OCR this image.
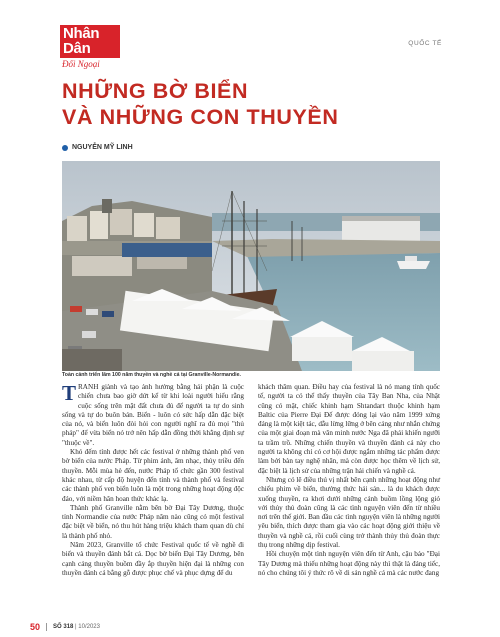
Nhân Dân
Đối Ngoại
QUỐC TẾ
NHỮNG BỜ BIỂN
VÀ NHỮNG CON THUYỀN
NGUYỄN MỸ LINH
Toàn cảnh triển lãm 100 năm thuyền và nghề cá tại Granville-Normandie.

TRANH giành và tạo ảnh hưởng bằng hải phận là cuộc chiến chưa bao giờ dứt kể từ khi loài người hiểu rằng cuộc sống trên mặt đất chưa đủ để người ta tự do sinh sống và tự do buôn bán. Biển - luôn có sức hấp dẫn đặc biệt của nó, và biển luôn đòi hỏi con người nghĩ ra đủ mọi "thủ pháp" để vừa biển nó trở nên hấp dẫn đồng thời khẳng định sự "thuộc về".

Khó đếm tính được hết các festival ở những thành phố ven bờ biển của nước Pháp. Từ phim ảnh, âm nhạc, thủy triều đến thuyền. Mỗi mùa hè đến, nước Pháp tổ chức gần 300 festival khác nhau, từ cấp độ huyện đến tỉnh và thành phố và festival các thành phố ven biển luôn là một trong những hoạt động độc đáo, với niềm hân hoan thức khác lạ.

Thành phố Granville nằm bên bờ Đại Tây Dương, thuộc tỉnh Normandie của nước Pháp năm nào cũng có một festival đặc biệt về biển, nó thu hút hàng triệu khách tham quan dù chỉ là thành phố nhỏ.

Năm 2023, Granville tổ chức Festival quốc tế về nghề đi biển và thuyền đánh bắt cá. Dọc bờ biển Đại Tây Dương, bên cạnh cảng thuyền buồm đầy ắp thuyền hiện đại là những con thuyền đánh cá bằng gỗ được phục chế và phục dựng để du

khách thăm quan. Điều hay của festival là nó mang tính quốc tế, người ta có thể thấy thuyền của Tây Ban Nha, của Nhật cũng có mặt, chiếc khinh hạm Shtandart thuộc khinh hạm Baltic của Pierre Đại Đế được đóng lại vào năm 1999 xứng đáng là một kiệt tác, dẫu lừng lững ở bên cảng như nhắn chứng của một giai đoạn mà văn minh nước Nga đã phải khiến ngưỡi ta trầm trồ. Những chiến thuyền và thuyền đánh cá này cho người ta không chỉ có cơ hội được ngắm những tác phẩm được làm bởi bàn tay nghệ nhân, mà còn được học thêm về lịch sử, đặc biệt là lịch sử của những trận hải chiến và nghề cá.

Nhưng có lẽ điều thú vị nhất bên cạnh những hoạt động như chiếu phim về biển, thưởng thức hải sản... là du khách được xuống thuyền, ra khơi dưới những cánh buồm lồng lộng gió với thủy thủ đoàn cũng là các tình nguyện viên đến từ nhiều nơi trên thế giới. Ban đầu các tình nguyện viên là những người yêu biển, thích được tham gia vào các hoạt động giới thiệu về thuyền và nghề cá, rồi cuối cùng trở thành thủy thủ đoàn thực thụ trong những dịp festival.

Hồi chuyện một tình nguyện viên đến từ Anh, cậu bảo "Đại Tây Dương mà thiếu những hoạt động này thì thật là đáng tiếc, nó cho chúng tôi ý thức rõ về di sản nghề cá mà các nước đang

50 SỐ 318 | 10/2023
